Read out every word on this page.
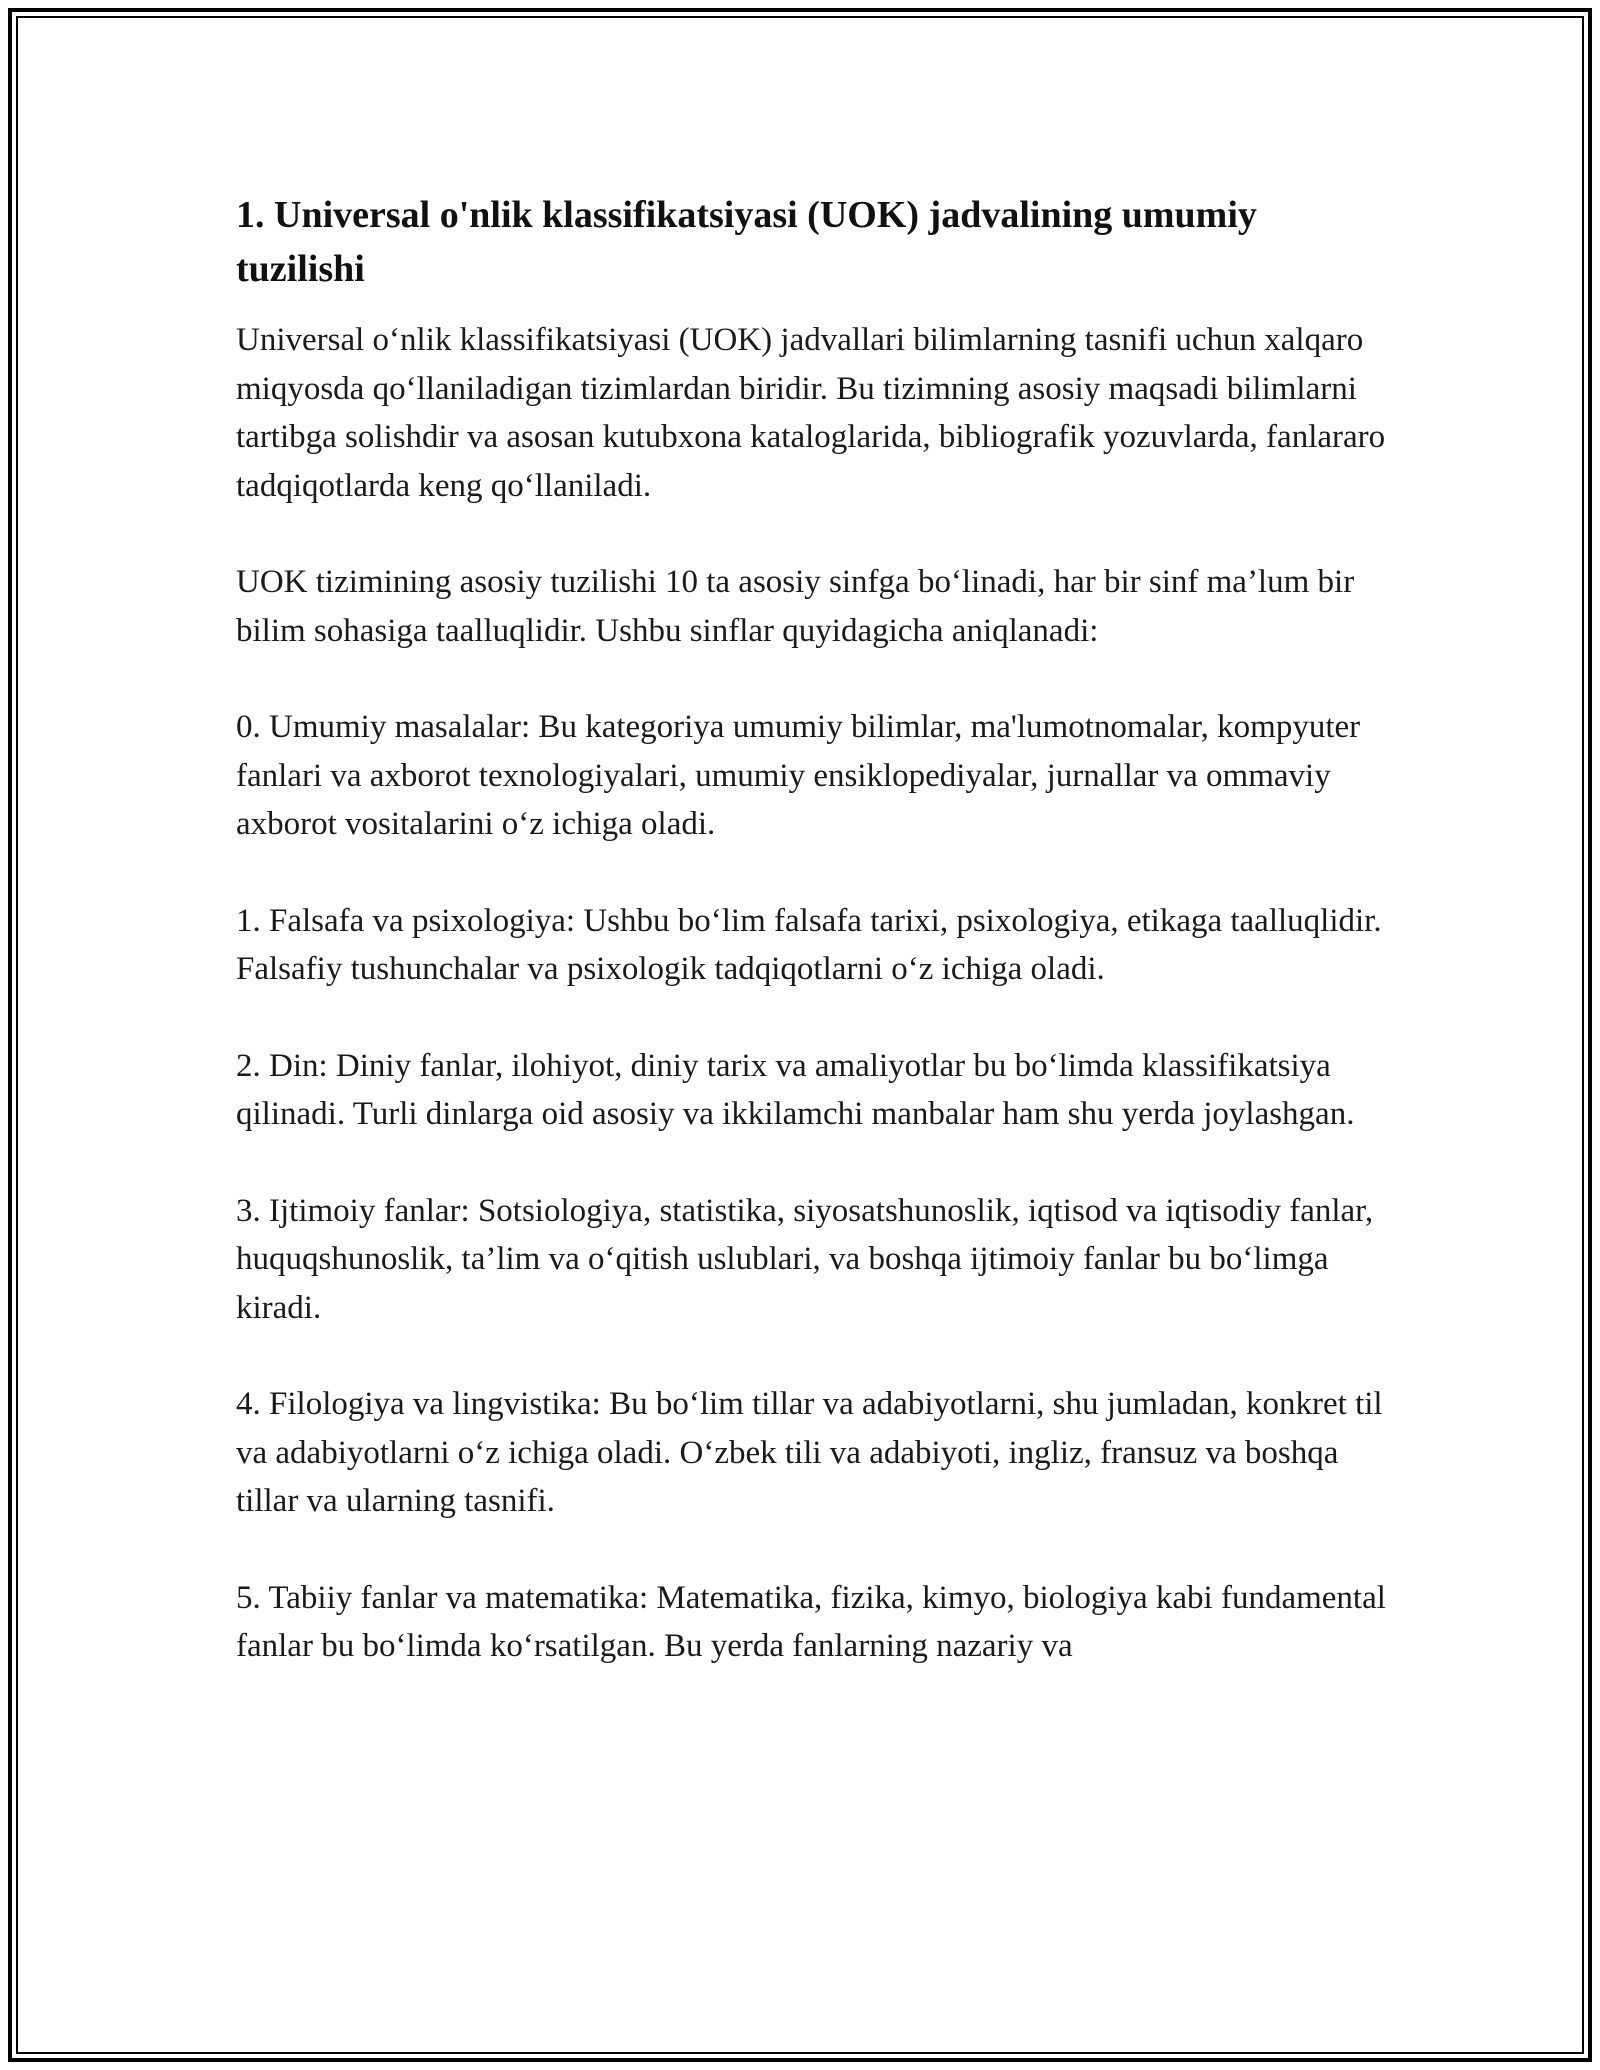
1. Universal o'nlik klassifikatsiyasi (UOK) jadvalining umumiy tuzilishi

Universal o‘nlik klassifikatsiyasi (UOK) jadvallari bilimlarning tasnifi uchun xalqaro miqyosda qo‘llaniladigan tizimlardan biridir. Bu tizimning asosiy maqsadi bilimlarni tartibga solishdir va asosan kutubxona kataloglarida, bibliografik yozuvlarda, fanlararo tadqiqotlarda keng qo‘llaniladi.

UOK tizimining asosiy tuzilishi 10 ta asosiy sinfga bo‘linadi, har bir sinf ma’lum bir bilim sohasiga taalluqlidir. Ushbu sinflar quyidagicha aniqlanadi:

0. Umumiy masalalar: Bu kategoriya umumiy bilimlar, ma'lumotnomalar, kompyuter fanlari va axborot texnologiyalari, umumiy ensiklopediyalar, jurnallar va ommaviy axborot vositalarini o‘z ichiga oladi.

1. Falsafa va psixologiya: Ushbu bo‘lim falsafa tarixi, psixologiya, etikaga taalluqlidir. Falsafiy tushunchalar va psixologik tadqiqotlarni o‘z ichiga oladi.

2. Din: Diniy fanlar, ilohiyot, diniy tarix va amaliyotlar bu bo‘limda klassifikatsiya qilinadi. Turli dinlarga oid asosiy va ikkilamchi manbalar ham shu yerda joylashgan.

3. Ijtimoiy fanlar: Sotsiologiya, statistika, siyosatshunoslik, iqtisod va iqtisodiy fanlar, huquqshunoslik, ta’lim va o‘qitish uslublari, va boshqa ijtimoiy fanlar bu bo‘limga kiradi.

4. Filologiya va lingvistika: Bu bo‘lim tillar va adabiyotlarni, shu jumladan, konkret til va adabiyotlarni o‘z ichiga oladi. O‘zbek tili va adabiyoti, ingliz, fransuz va boshqa tillar va ularning tasnifi.

5. Tabiiy fanlar va matematika: Matematika, fizika, kimyo, biologiya kabi fundamental fanlar bu bo‘limda ko‘rsatilgan. Bu yerda fanlarning nazariy va
